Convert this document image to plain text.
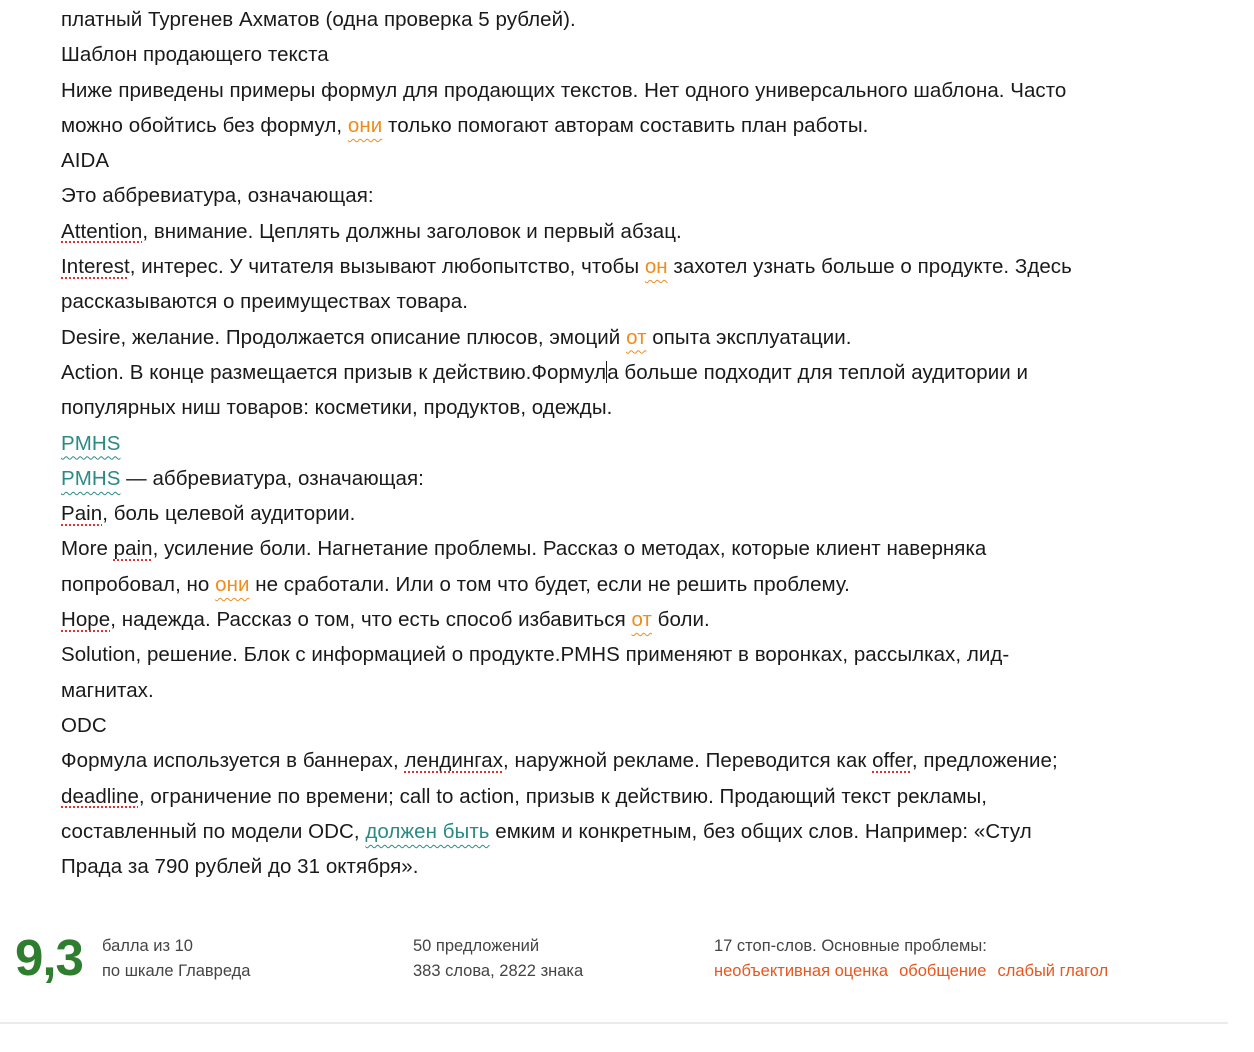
платный Тургенев Ахматов (одна проверка 5 рублей).
Шаблон продающего текста
Ниже приведены примеры формул для продающих текстов. Нет одного универсального шаблона. Часто
можно обойтись без формул, они только помогают авторам составить план работы.
AIDA
Это аббревиатура, означающая:
Attention, внимание. Цеплять должны заголовок и первый абзац.
Interest, интерес. У читателя вызывают любопытство, чтобы он захотел узнать больше о продукте. Здесь
рассказываются о преимуществах товара.
Desire, желание. Продолжается описание плюсов, эмоций от опыта эксплуатации.
Action. В конце размещается призыв к действию.Формула больше подходит для теплой аудитории и
популярных ниш товаров: косметики, продуктов, одежды.
PMHS
PMHS — аббревиатура, означающая:
Pain, боль целевой аудитории.
More pain, усиление боли. Нагнетание проблемы. Рассказ о методах, которые клиент наверняка
попробовал, но они не сработали. Или о том что будет, если не решить проблему.
Hope, надежда. Рассказ о том, что есть способ избавиться от боли.
Solution, решение. Блок с информацией о продукте.PMHS применяют в воронках, рассылках, лид-
магнитах.
ODC
Формула используется в баннерах, лендингах, наружной рекламе. Переводится как offer, предложение;
deadline, ограничение по времени; call to action, призыв к действию. Продающий текст рекламы,
составленный по модели ODC, должен быть емким и конкретным, без общих слов. Например: «Стул
Прада за 790 рублей до 31 октября».
9,3 балла из 10
по шкале Главреда
50 предложений
383 слова, 2822 знака
17 стоп-слов. Основные проблемы:
необъективная оценка обобщение слабый глагол
